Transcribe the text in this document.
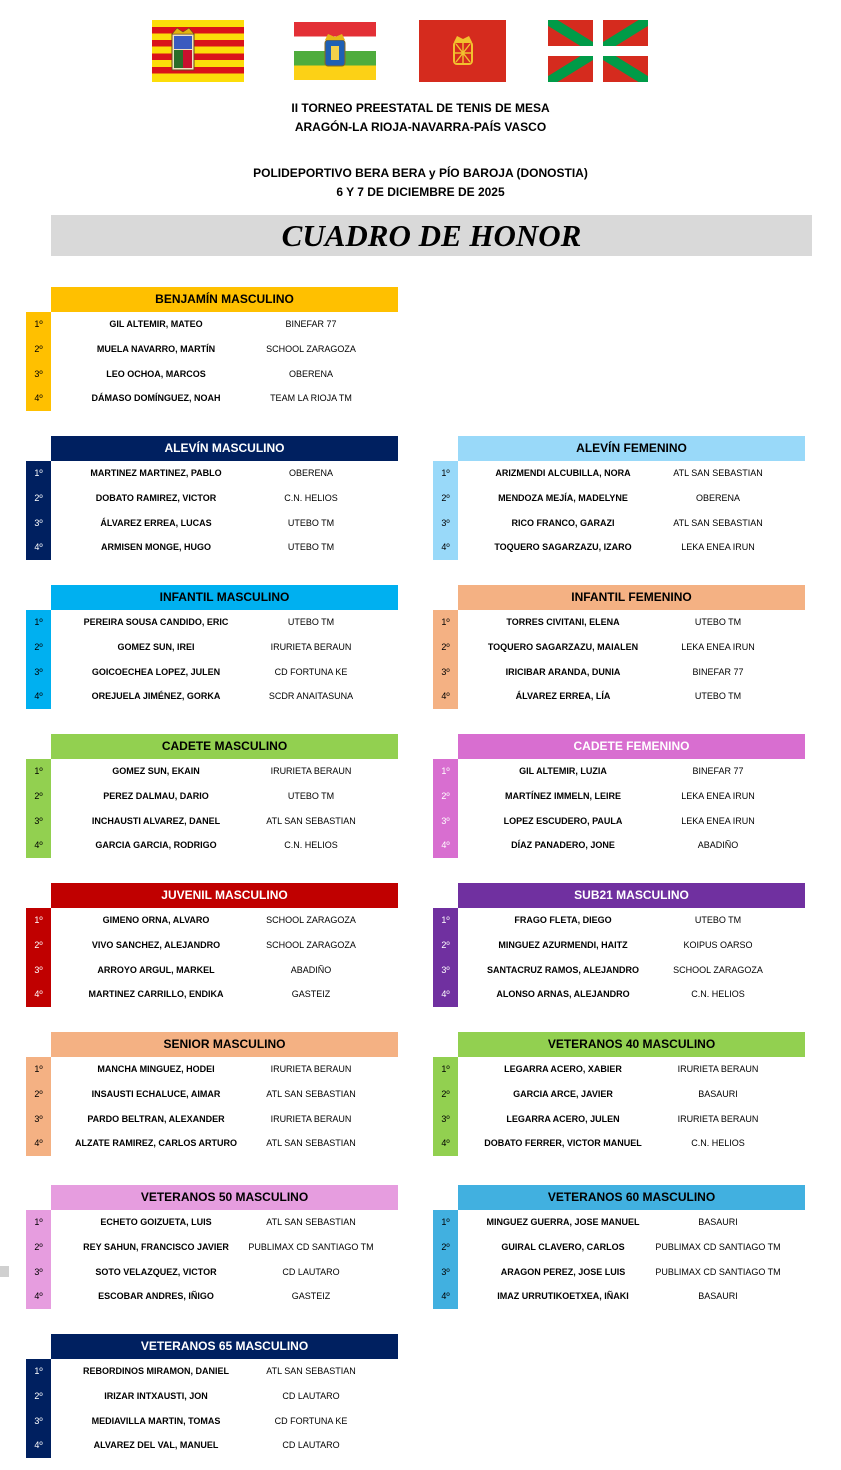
II TORNEO PREESTATAL DE TENIS DE MESA
ARAGÓN-LA RIOJA-NAVARRA-PAÍS VASCO
POLIDEPORTIVO BERA BERA y PÍO BAROJA (DONOSTIA)
6 Y 7 DE DICIEMBRE DE 2025
CUADRO DE HONOR
BENJAMÍN MASCULINO
1º	GIL ALTEMIR, MATEO	BINEFAR 77
2º	MUELA NAVARRO, MARTÍN	SCHOOL ZARAGOZA
3º	LEO OCHOA, MARCOS	OBERENA
4º	DÁMASO DOMÍNGUEZ, NOAH	TEAM LA RIOJA TM
ALEVÍN MASCULINO
1º	MARTINEZ MARTINEZ, PABLO	OBERENA
2º	DOBATO RAMIREZ, VICTOR	C.N. HELIOS
3º	ÁLVAREZ ERREA, LUCAS	UTEBO TM
4º	ARMISEN MONGE, HUGO	UTEBO TM
ALEVÍN FEMENINO
1º	ARIZMENDI ALCUBILLA, NORA	ATL SAN SEBASTIAN
2º	MENDOZA MEJÍA, MADELYNE	OBERENA
3º	RICO FRANCO, GARAZI	ATL SAN SEBASTIAN
4º	TOQUERO SAGARZAZU, IZARO	LEKA ENEA IRUN
INFANTIL MASCULINO
1º	PEREIRA SOUSA CANDIDO, ERIC	UTEBO TM
2º	GOMEZ SUN, IREI	IRURIETA BERAUN
3º	GOICOECHEA LOPEZ, JULEN	CD FORTUNA KE
4º	OREJUELA JIMÉNEZ, GORKA	SCDR ANAITASUNA
INFANTIL FEMENINO
1º	TORRES CIVITANI, ELENA	UTEBO TM
2º	TOQUERO SAGARZAZU, MAIALEN	LEKA ENEA IRUN
3º	IRICIBAR ARANDA, DUNIA	BINEFAR 77
4º	ÁLVAREZ ERREA, LÍA	UTEBO TM
CADETE MASCULINO
1º	GOMEZ SUN, EKAIN	IRURIETA BERAUN
2º	PEREZ DALMAU, DARIO	UTEBO TM
3º	INCHAUSTI ALVAREZ, DANEL	ATL SAN SEBASTIAN
4º	GARCIA GARCIA, RODRIGO	C.N. HELIOS
CADETE FEMENINO
1º	GIL ALTEMIR, LUZIA	BINEFAR 77
2º	MARTÍNEZ IMMELN, LEIRE	LEKA ENEA IRUN
3º	LOPEZ ESCUDERO, PAULA	LEKA ENEA IRUN
4º	DÍAZ PANADERO, JONE	ABADIÑO
JUVENIL MASCULINO
1º	GIMENO ORNA, ALVARO	SCHOOL ZARAGOZA
2º	VIVO SANCHEZ, ALEJANDRO	SCHOOL ZARAGOZA
3º	ARROYO ARGUL, MARKEL	ABADIÑO
4º	MARTINEZ CARRILLO, ENDIKA	GASTEIZ
SUB21 MASCULINO
1º	FRAGO FLETA, DIEGO	UTEBO TM
2º	MINGUEZ AZURMENDI, HAITZ	KOIPUS OARSO
3º	SANTACRUZ RAMOS, ALEJANDRO	SCHOOL ZARAGOZA
4º	ALONSO ARNAS, ALEJANDRO	C.N. HELIOS
SENIOR MASCULINO
1º	MANCHA MINGUEZ, HODEI	IRURIETA BERAUN
2º	INSAUSTI ECHALUCE, AIMAR	ATL SAN SEBASTIAN
3º	PARDO BELTRAN, ALEXANDER	IRURIETA BERAUN
4º	ALZATE RAMIREZ, CARLOS ARTURO	ATL SAN SEBASTIAN
VETERANOS 40 MASCULINO
1º	LEGARRA ACERO, XABIER	IRURIETA BERAUN
2º	GARCIA ARCE, JAVIER	BASAURI
3º	LEGARRA ACERO, JULEN	IRURIETA BERAUN
4º	DOBATO FERRER, VICTOR MANUEL	C.N. HELIOS
VETERANOS 50 MASCULINO
1º	ECHETO GOIZUETA, LUIS	ATL SAN SEBASTIAN
2º	REY SAHUN, FRANCISCO JAVIER	PUBLIMAX CD SANTIAGO TM
3º	SOTO VELAZQUEZ, VICTOR	CD LAUTARO
4º	ESCOBAR ANDRES, IÑIGO	GASTEIZ
VETERANOS 60 MASCULINO
1º	MINGUEZ GUERRA, JOSE MANUEL	BASAURI
2º	GUIRAL CLAVERO, CARLOS	PUBLIMAX CD SANTIAGO TM
3º	ARAGON PEREZ, JOSE LUIS	PUBLIMAX CD SANTIAGO TM
4º	IMAZ URRUTIKOETXEA, IÑAKI	BASAURI
VETERANOS 65 MASCULINO
1º	REBORDINOS MIRAMON, DANIEL	ATL SAN SEBASTIAN
2º	IRIZAR INTXAUSTI, JON	CD LAUTARO
3º	MEDIAVILLA MARTIN, TOMAS	CD FORTUNA KE
4º	ALVAREZ DEL VAL, MANUEL	CD LAUTARO
